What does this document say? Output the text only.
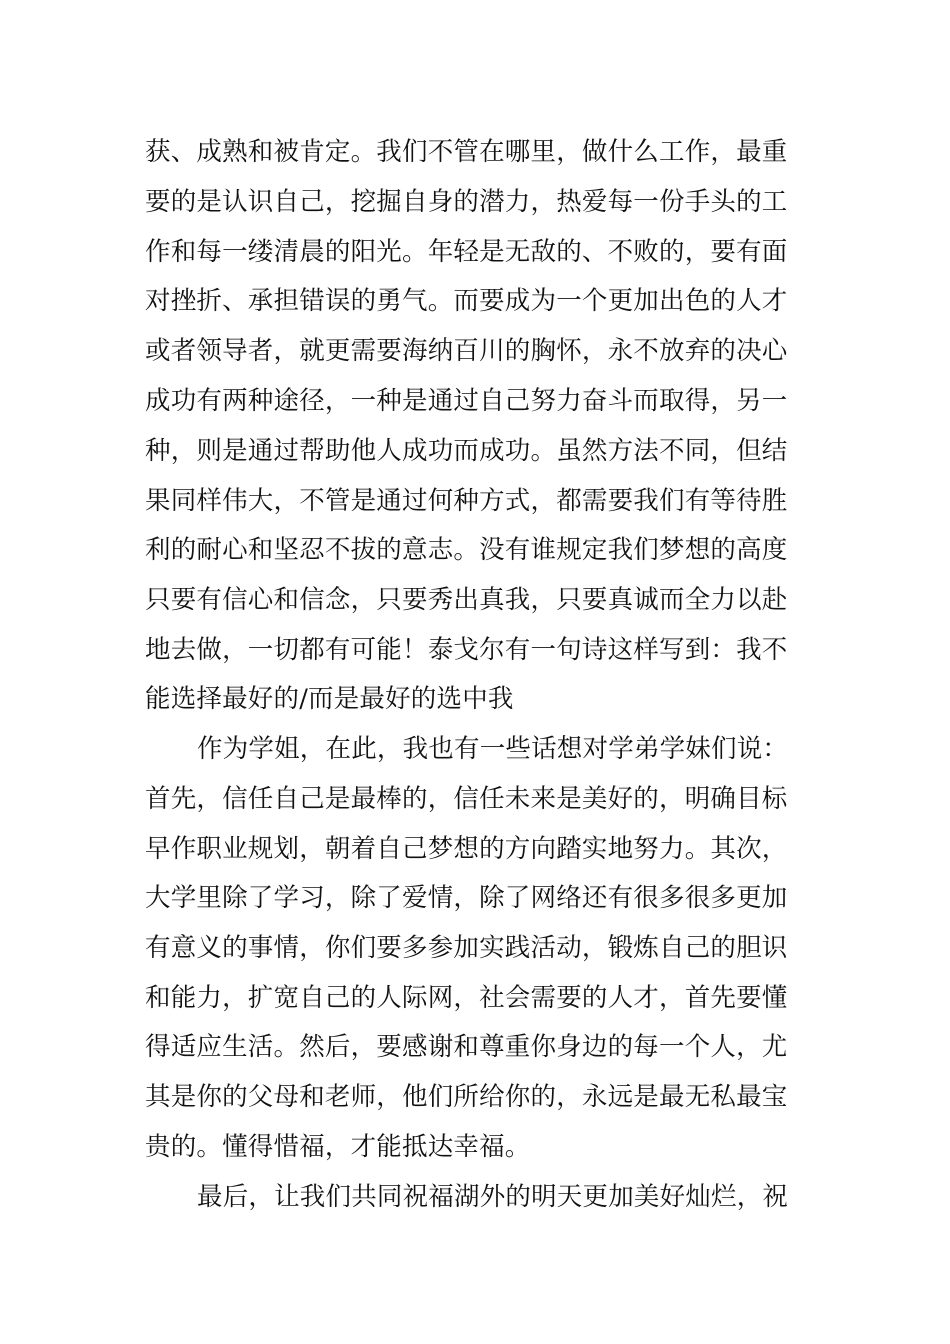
获、成熟和被肯定。我们不管在哪里，做什么工作，最重
要的是认识自己，挖掘自身的潜力，热爱每一份手头的工
作和每一缕清晨的阳光。年轻是无敌的、不败的，要有面
对挫折、承担错误的勇气。而要成为一个更加出色的人才
或者领导者，就更需要海纳百川的胸怀，永不放弃的决心
成功有两种途径，一种是通过自己努力奋斗而取得，另一
种，则是通过帮助他人成功而成功。虽然方法不同，但结
果同样伟大，不管是通过何种方式，都需要我们有等待胜
利的耐心和坚忍不拔的意志。没有谁规定我们梦想的高度
只要有信心和信念，只要秀出真我，只要真诚而全力以赴
地去做，一切都有可能！泰戈尔有一句诗这样写到：我不
能选择最好的/而是最好的选中我
作为学姐，在此，我也有一些话想对学弟学妹们说：
首先，信任自己是最棒的，信任未来是美好的，明确目标
早作职业规划，朝着自己梦想的方向踏实地努力。其次，
大学里除了学习，除了爱情，除了网络还有很多很多更加
有意义的事情，你们要多参加实践活动，锻炼自己的胆识
和能力，扩宽自己的人际网，社会需要的人才，首先要懂
得适应生活。然后，要感谢和尊重你身边的每一个人，尤
其是你的父母和老师，他们所给你的，永远是最无私最宝
贵的。懂得惜福，才能抵达幸福。
最后，让我们共同祝福湖外的明天更加美好灿烂，祝
